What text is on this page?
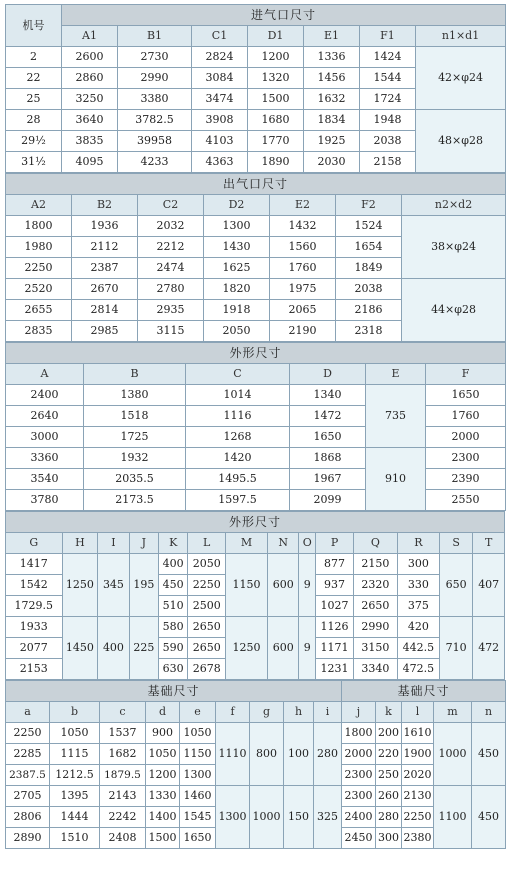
机号	进气口尺寸						
	A1	B1	C1	D1	E1	F1	n1×d1
2	2600	2730	2824	1200	1336	1424	42×φ24
22	2860	2990	3084	1320	1456	1544	
25	3250	3380	3474	1500	1632	1724	
28	3640	3782.5	3908	1680	1834	1948	48×φ28
29½	3835	39958	4103	1770	1925	2038	
31½	4095	4233	4363	1890	2030	2158	
出气口尺寸						
A2	B2	C2	D2	E2	F2	n2×d2
1800	1936	2032	1300	1432	1524	38×φ24
1980	2112	2212	1430	1560	1654	
2250	2387	2474	1625	1760	1849	
2520	2670	2780	1820	1975	2038	44×φ28
2655	2814	2935	1918	2065	2186	
2835	2985	3115	2050	2190	2318	
外形尺寸					
A	B	C	D	E	F
2400	1380	1014	1340	735	1650
2640	1518	1116	1472		1760
3000	1725	1268	1650		2000
3360	1932	1420	1868	910	2300
3540	2035.5	1495.5	1967		2390
3780	2173.5	1597.5	2099		2550
外形尺寸													
G	H	I	J	K	L	M	N	O	P	Q	R	S	T
1417	1250	345	195	400	2050	1150	600	9	877	2150	300	650	407
1542				450	2250				937	2320	330		
1729.5				510	2500				1027	2650	375		
1933	1450	400	225	580	2650	1250	600	9	1126	2990	420	710	472
2077				590	2650				1171	3150	442.5		
2153				630	2678				1231	3340	472.5		
基础尺寸									基础尺寸				
a	b	c	d	e	f	g	h	i	j	k	l	m	n
2250	1050	1537	900	1050	1110	800	100	280	1800	200	1610	1000	450
2285	1115	1682	1050	1150					2000	220	1900		
2387.5	1212.5	1879.5	1200	1300					2300	250	2020		
2705	1395	2143	1330	1460	1300	1000	150	325	2300	260	2130	1100	450
2806	1444	2242	1400	1545					2400	280	2250		
2890	1510	2408	1500	1650					2450	300	2380		
